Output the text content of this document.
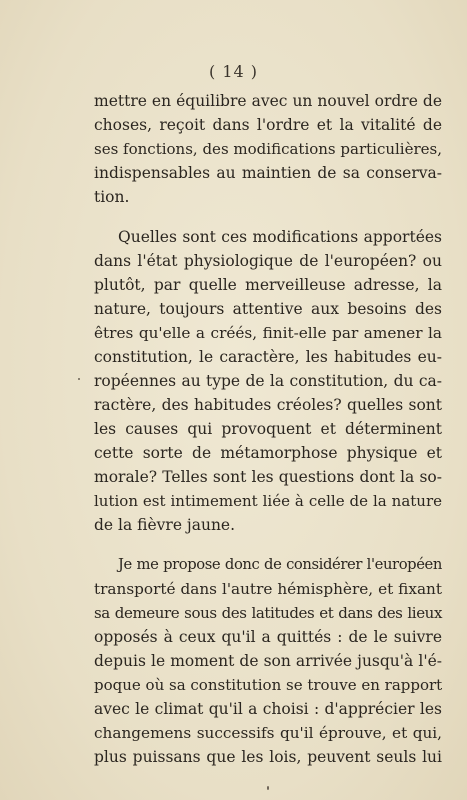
( 14 )
mettre en équilibre avec un nouvel ordre de
choses, reçoit dans l'ordre et la vitalité de
ses fonctions, des modifications particulières,
indispensables au maintien de sa conserva-
tion.
Quelles sont ces modifications apportées
dans l'état physiologique de l'européen? ou
plutôt, par quelle merveilleuse adresse, la
nature, toujours attentive aux besoins des
êtres qu'elle a créés, finit-elle par amener la
constitution, le caractère, les habitudes eu-
ropéennes au type de la constitution, du ca-
ractère, des habitudes créoles? quelles sont
les causes qui provoquent et déterminent
cette sorte de métamorphose physique et
morale? Telles sont les questions dont la so-
lution est intimement liée à celle de la nature
de la fièvre jaune.
Je me propose donc de considérer l'européen
transporté dans l'autre hémisphère, et fixant
sa demeure sous des latitudes et dans des lieux
opposés à ceux qu'il a quittés : de le suivre
depuis le moment de son arrivée jusqu'à l'é-
poque où sa constitution se trouve en rapport
avec le climat qu'il a choisi : d'apprécier les
changemens successifs qu'il éprouve, et qui,
plus puissans que les lois, peuvent seuls lui
